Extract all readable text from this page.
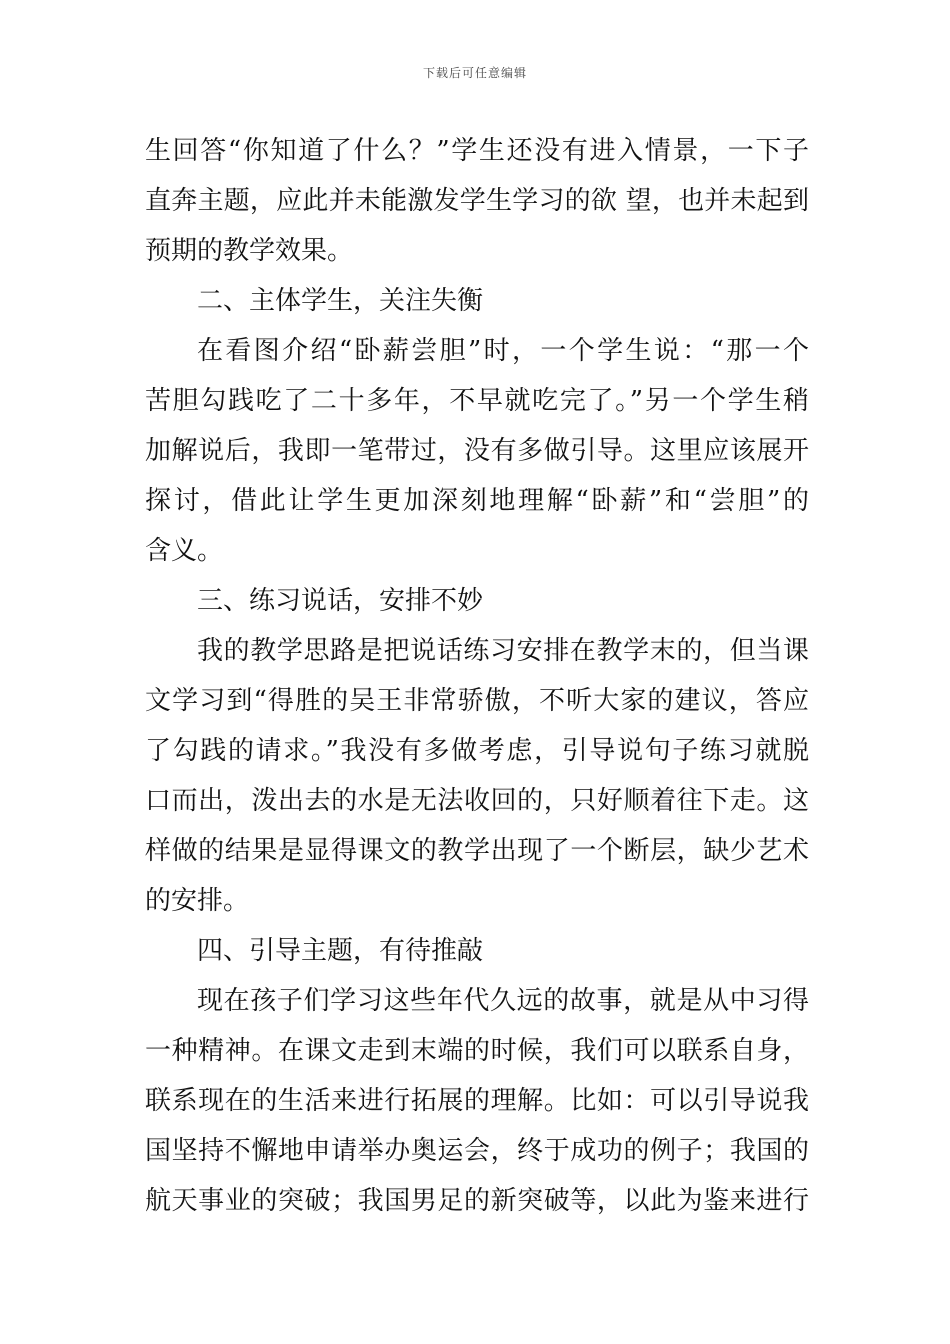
下载后可任意编辑
生回答“你知道了什么？”学生还没有进入情景，一下子
直奔主题，应此并未能激发学生学习的欲 望，也并未起到
预期的教学效果。
二、主体学生，关注失衡
在看图介绍“卧薪尝胆”时，一个学生说：“那一个
苦胆勾践吃了二十多年，不早就吃完了。”另一个学生稍
加解说后，我即一笔带过，没有多做引导。这里应该展开
探讨，借此让学生更加深刻地理解“卧薪”和“尝胆”的
含义。
三、练习说话，安排不妙
我的教学思路是把说话练习安排在教学末的，但当课
文学习到“得胜的吴王非常骄傲，不听大家的建议，答应
了勾践的请求。”我没有多做考虑，引导说句子练习就脱
口而出，泼出去的水是无法收回的，只好顺着往下走。这
样做的结果是显得课文的教学出现了一个断层，缺少艺术
的安排。
四、引导主题，有待推敲
现在孩子们学习这些年代久远的故事，就是从中习得
一种精神。在课文走到末端的时候，我们可以联系自身，
联系现在的生活来进行拓展的理解。比如：可以引导说我
国坚持不懈地申请举办奥运会，终于成功的例子；我国的
航天事业的突破；我国男足的新突破等，以此为鉴来进行
